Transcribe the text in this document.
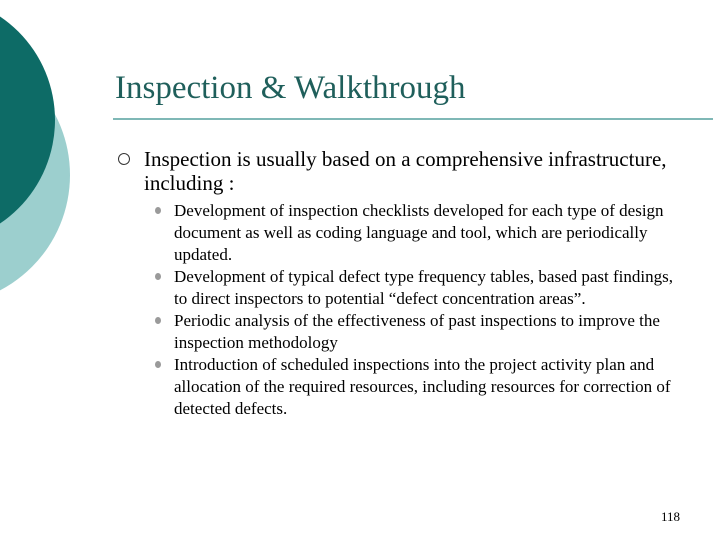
Inspection & Walkthrough
Inspection is usually based on a comprehensive infrastructure, including :
Development of inspection checklists developed for each type of design document as well as coding language and tool, which are periodically updated.
Development of typical defect type frequency tables, based past findings, to direct inspectors to potential “defect concentration areas”.
Periodic analysis of the effectiveness of past inspections to improve the inspection methodology
Introduction of scheduled inspections into the project activity plan and allocation of the required resources, including resources for correction of detected defects.
118
